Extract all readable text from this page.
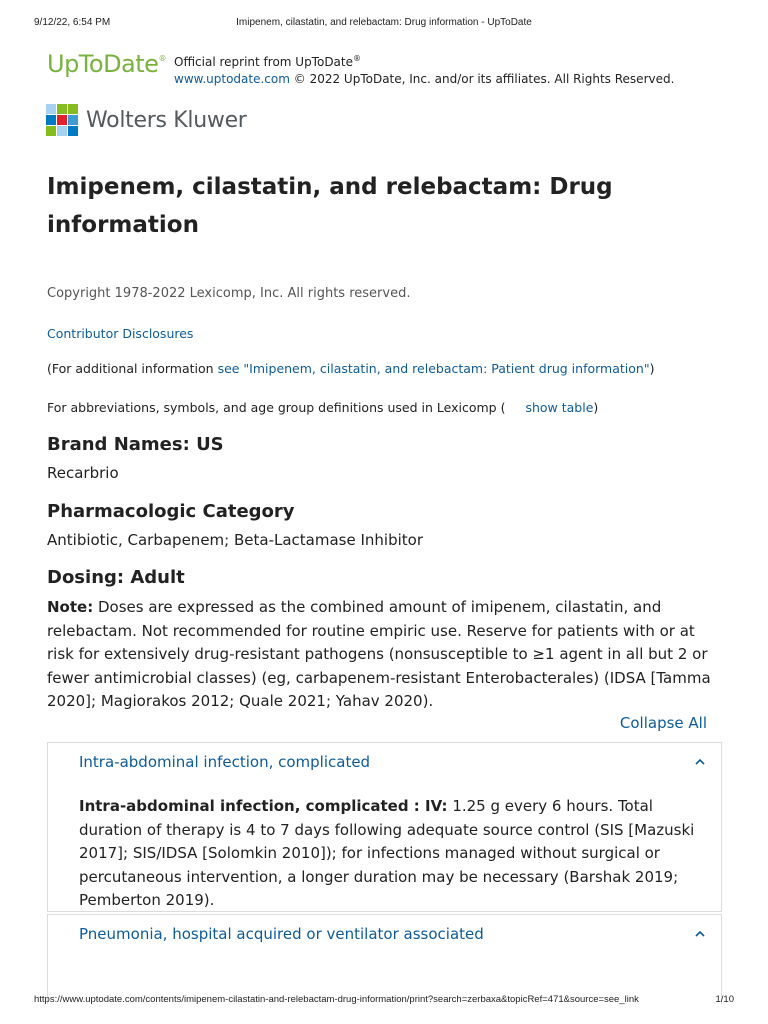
9/12/22, 6:54 PM	Imipenem, cilastatin, and relebactam: Drug information - UpToDate
UpToDate® Official reprint from UpToDate®
www.uptodate.com © 2022 UpToDate, Inc. and/or its affiliates. All Rights Reserved.
Wolters Kluwer
Imipenem, cilastatin, and relebactam: Drug
information
Copyright 1978-2022 Lexicomp, Inc. All rights reserved.
Contributor Disclosures
(For additional information see "Imipenem, cilastatin, and relebactam: Patient drug information")
For abbreviations, symbols, and age group definitions used in Lexicomp ( show table)
Brand Names: US
Recarbrio
Pharmacologic Category
Antibiotic, Carbapenem; Beta-Lactamase Inhibitor
Dosing: Adult

Note: Doses are expressed as the combined amount of imipenem, cilastatin, and relebactam. Not recommended for routine empiric use. Reserve for patients with or at risk for extensively drug-resistant pathogens (nonsusceptible to ≥1 agent in all but 2 or fewer antimicrobial classes) (eg, carbapenem-resistant Enterobacterales) (IDSA [Tamma 2020]; Magiorakos 2012; Quale 2021; Yahav 2020).

Collapse All
Intra-abdominal infection, complicated

Intra-abdominal infection, complicated : IV: 1.25 g every 6 hours. Total duration of therapy is 4 to 7 days following adequate source control (SIS [Mazuski 2017]; SIS/IDSA [Solomkin 2010]); for infections managed without surgical or percutaneous intervention, a longer duration may be necessary (Barshak 2019; Pemberton 2019).

Pneumonia, hospital acquired or ventilator associated
https://www.uptodate.com/contents/imipenem-cilastatin-and-relebactam-drug-information/print?search=zerbaxa&topicRef=471&source=see_link	1/10
